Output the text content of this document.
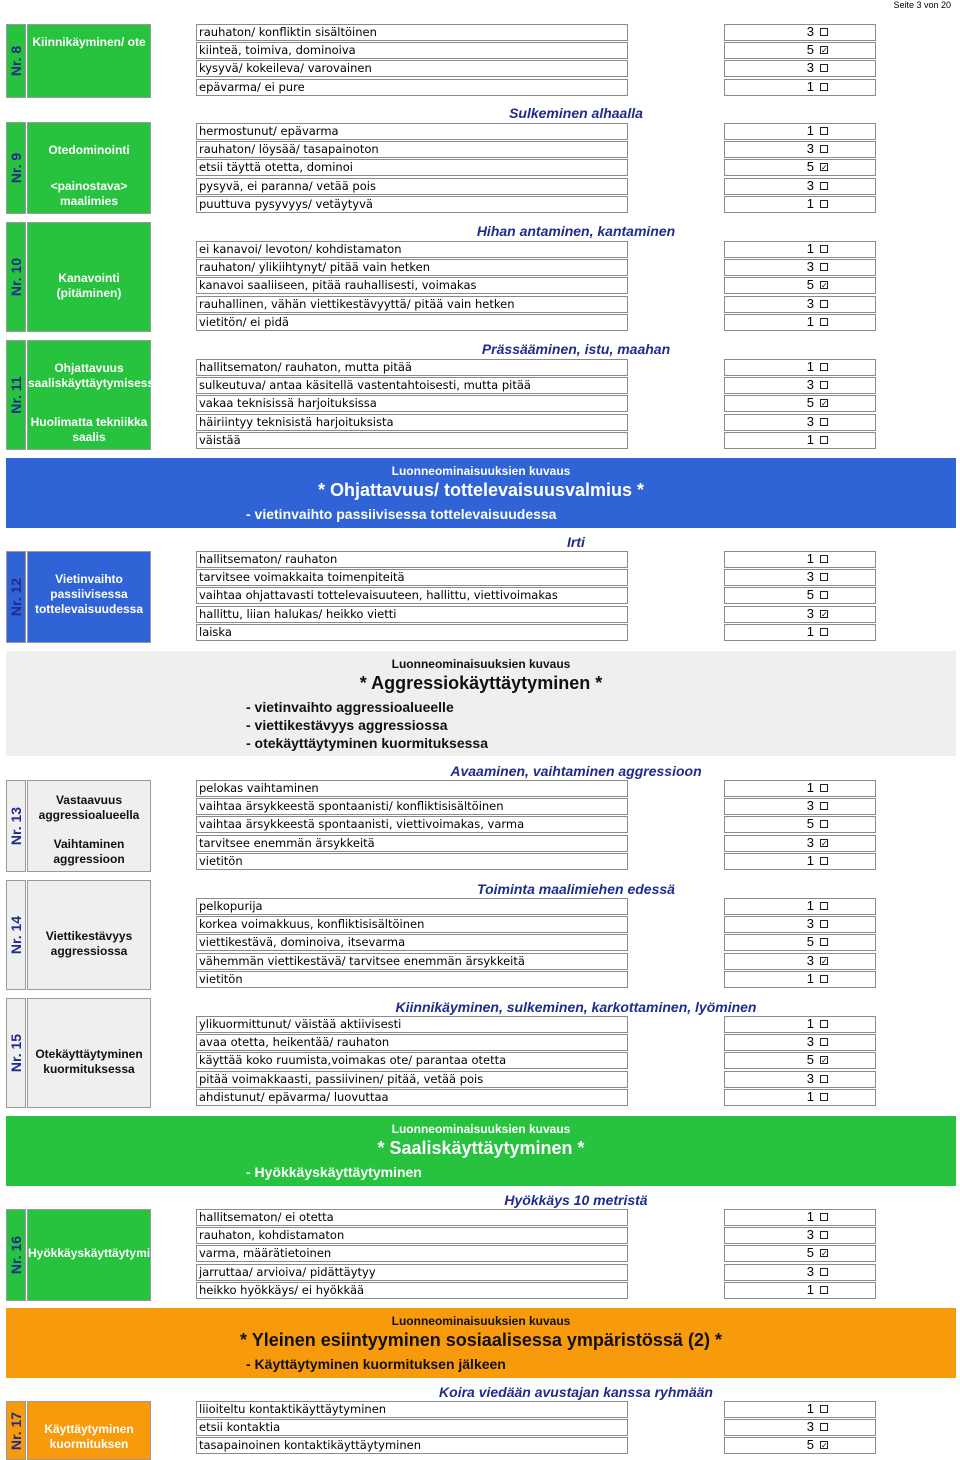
Seite 3 von 20
Luonneominaisuuksien kuvaus
* Ohjattavuus/ tottelevaisuusvalmius *
- vietinvaihto passiivisessa tottelevaisuudessa
Luonneominaisuuksien kuvaus
* Aggressiokäyttäytyminen *
- vietinvaihto aggressioalueelle
- viettikestävyys aggressiossa
- otekäyttäytyminen kuormituksessa
Luonneominaisuuksien kuvaus
* Saaliskäyttäytyminen *
- Hyökkäyskäyttäytyminen
Luonneominaisuuksien kuvaus
* Yleinen esiintyyminen sosiaalisessa ympäristössä (2) *
- Käyttäytyminen kuormituksen jälkeen
Nr. 8
Kiinnikäyminen/ ote
rauhaton/ konfliktin sisältöinen	3
kiinteä, toimiva, dominoiva	5 ✓
kysyvä/ kokeileva/ varovainen	3
epävarma/ ei pure	1
Nr. 9
Otedominointi
<painostava> maalimies
Sulkeminen alhaalla
hermostunut/ epävarma	1
rauhaton/ löysää/ tasapainoton	3
etsii täyttä otetta, dominoi	5 ✓
pysyvä, ei paranna/ vetää pois	3
puuttuva pysyvyys/ vetäytyvä	1
Nr. 10	Kanavointi (pitäminen)
Hihan antaminen, kantaminen
ei kanavoi/ levoton/ kohdistamaton	1
rauhaton/ ylikiihtynyt/ pitää vain hetken	3
kanavoi saaliiseen, pitää rauhallisesti, voimakas	5 ✓
rauhallinen, vähän viettikestävyyttä/ pitää vain hetken	3
vietitön/ ei pidä	1
Nr. 11
Ohjattavuus saaliskäyttäytymisessä
Huolimatta tekniikka saalis
Prässääminen, istu, maahan
hallitsematon/ rauhaton, mutta pitää	1
sulkeutuva/ antaa käsitellä vastentahtoisesti, mutta pitää	3
vakaa teknisissä harjoituksissa	5 ✓
häiriintyy teknisistä harjoituksista	3
väistää	1
Nr. 12	Vietinvaihto passiivisessa tottelevaisuudessa
Irti
hallitsematon/ rauhaton	1
tarvitsee voimakkaita toimenpiteitä	3
vaihtaa ohjattavasti tottelevaisuuteen, hallittu, viettivoimakas	5
hallittu, liian halukas/ heikko vietti	3 ✓
laiska	1
Nr. 13
Vastaavuus aggressioalueella
Vaihtaminen aggressioon
Avaaminen, vaihtaminen aggressioon
pelokas vaihtaminen	1
vaihtaa ärsykkeestä spontaanisti/ konfliktisisältöinen	3
vaihtaa ärsykkeestä spontaanisti, viettivoimakas, varma	5
tarvitsee enemmän ärsykkeitä	3 ✓
vietitön	1
Nr. 14	Viettikestävyys aggressiossa
Toiminta maalimiehen edessä
pelkopurija	1
korkea voimakkuus, konfliktisisältöinen	3
viettikestävä, dominoiva, itsevarma	5
vähemmän viettikestävä/ tarvitsee enemmän ärsykkeitä	3 ✓
vietitön	1
Nr. 15 Otekäyttäytyminen kuormituksessa
Kiinnikäyminen, sulkeminen, karkottaminen, lyöminen
ylikuormittunut/ väistää aktiivisesti	1
avaa otetta, heikentää/ rauhaton	3
käyttää koko ruumista,voimakas ote/ parantaa otetta	5 ✓
pitää voimakkaasti, passiivinen/ pitää, vetää pois	3
ahdistunut/ epävarma/ luovuttaa	1
Nr. 16 Hyökkäyskäyttäytyminen
Hyökkäys 10 metristä
hallitsematon/ ei otetta	1
rauhaton, kohdistamaton	3
varma, määrätietoinen	5 ✓
jarruttaa/ arvioiva/ pidättäytyy	3
heikko hyökkäys/ ei hyökkää	1
Nr. 17	Käyttäytyminen kuormituksen
Koira viedään avustajan kanssa ryhmään
liioiteltu kontaktikäyttäytyminen	1
etsii kontaktia	3
tasapainoinen kontaktikäyttäytyminen	5 ✓
